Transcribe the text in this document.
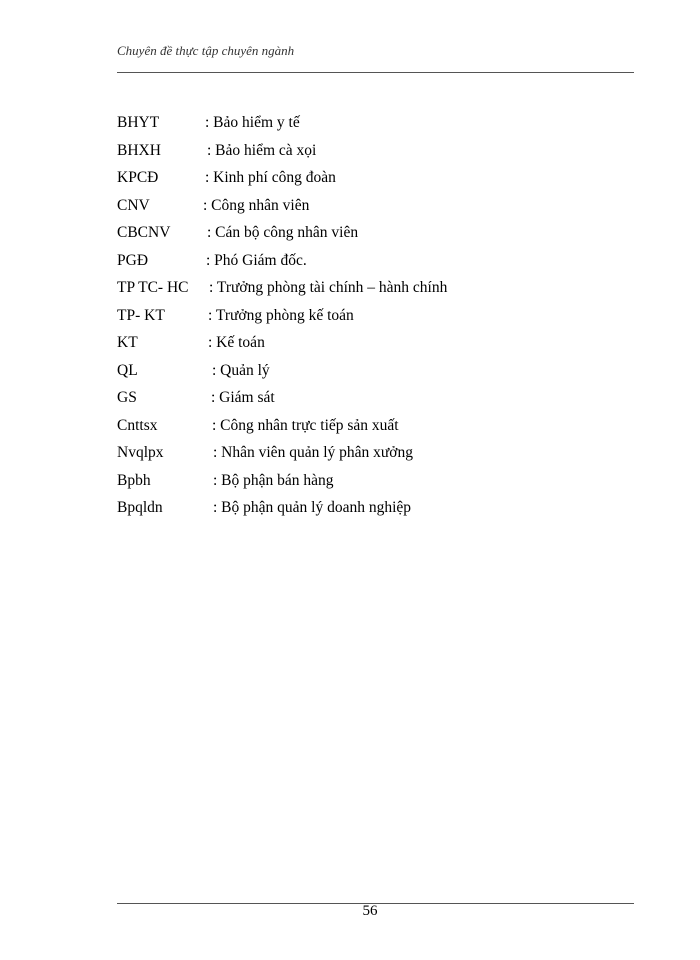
Chuyên đề thực tập chuyên ngành
BHYT	: Bảo hiểm y tế
BHXH	: Bảo hiểm cà xọi
KPCĐ	: Kinh phí công đoàn
CNV	: Công nhân viên
CBCNV : Cán bộ công nhân viên
PGĐ	: Phó Giám đốc.
TP TC- HC : Trưởng phòng tài chính – hành chính
TP- KT	: Trưởng phòng kế toán
KT	: Kế toán
QL	: Quản lý
GS	: Giám sát
Cnttsx	: Công nhân trực tiếp sản xuất
Nvqlpx	: Nhân viên quản lý phân xưởng
Bpbh	: Bộ phận bán hàng
Bpqldn	: Bộ phận quản lý doanh nghiệp
56
